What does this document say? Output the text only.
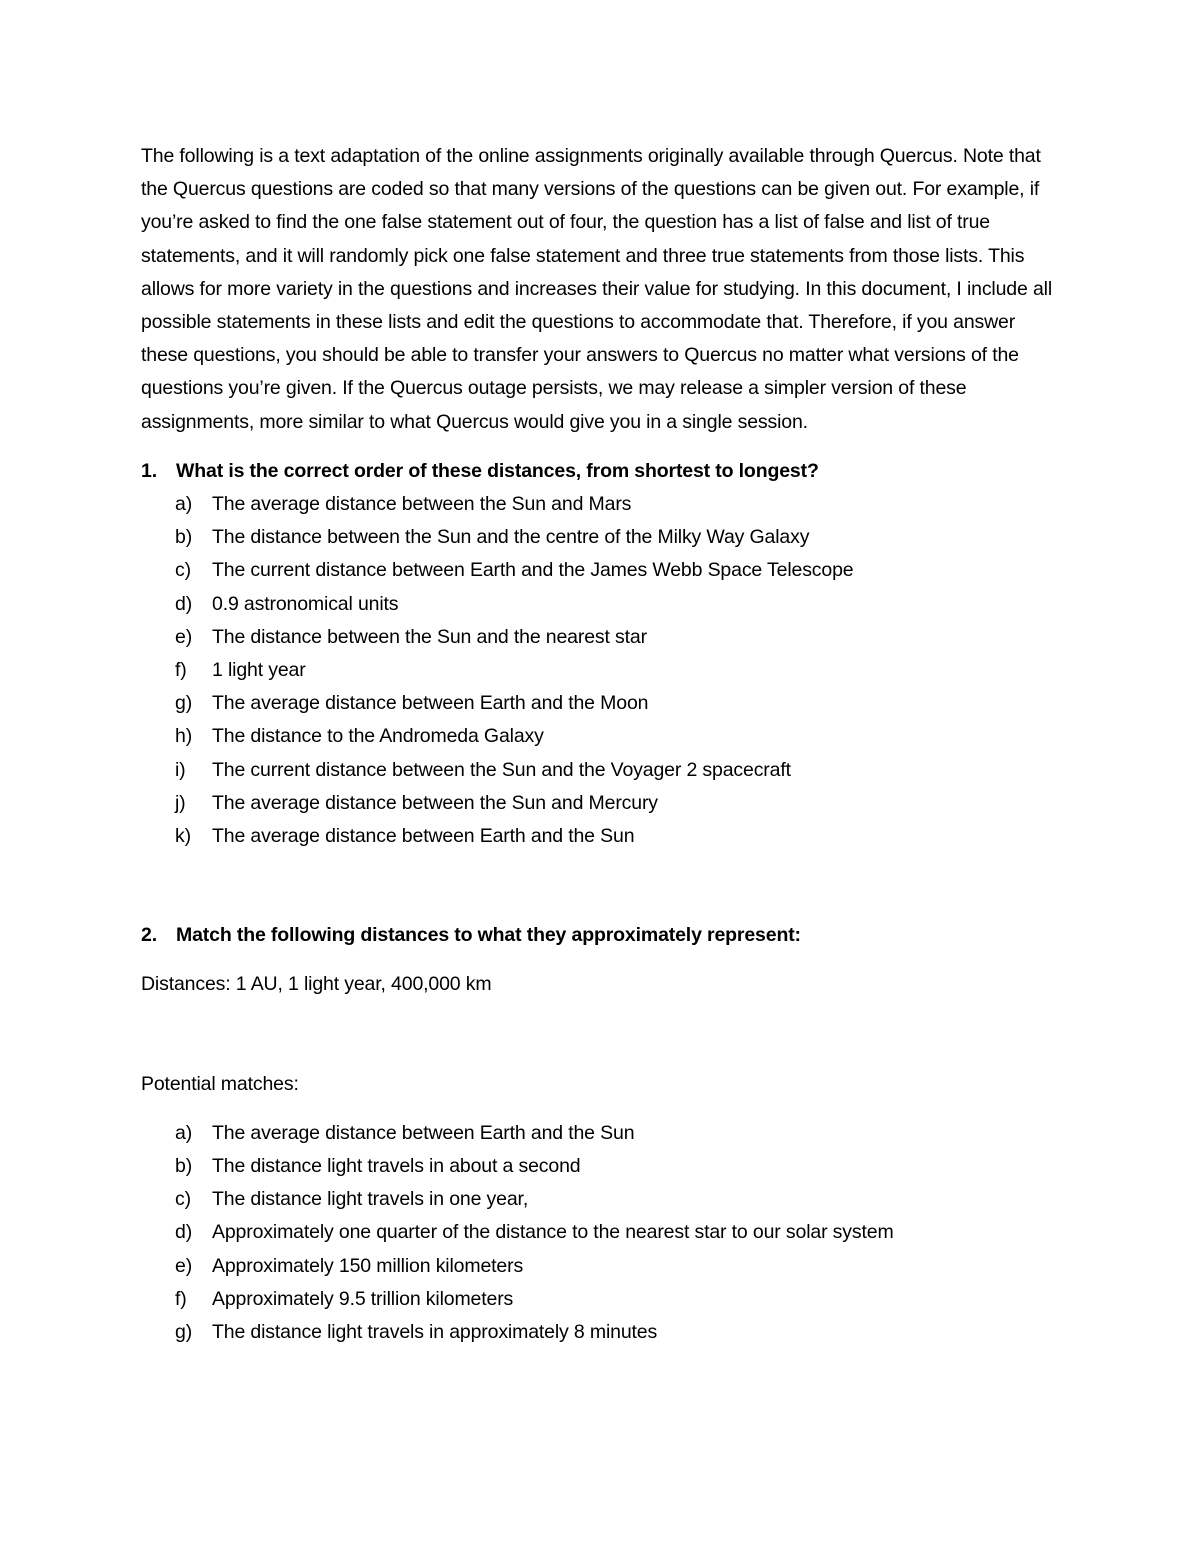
The following is a text adaptation of the online assignments originally available through Quercus. Note that the Quercus questions are coded so that many versions of the questions can be given out. For example, if you’re asked to find the one false statement out of four, the question has a list of false and list of true statements, and it will randomly pick one false statement and three true statements from those lists. This allows for more variety in the questions and increases their value for studying. In this document, I include all possible statements in these lists and edit the questions to accommodate that. Therefore, if you answer these questions, you should be able to transfer your answers to Quercus no matter what versions of the questions you’re given. If the Quercus outage persists, we may release a simpler version of these assignments, more similar to what Quercus would give you in a single session.

1. What is the correct order of these distances, from shortest to longest?

a) The average distance between the Sun and Mars
b) The distance between the Sun and the centre of the Milky Way Galaxy
c) The current distance between Earth and the James Webb Space Telescope
d) 0.9 astronomical units
e) The distance between the Sun and the nearest star
f) 1 light year
g) The average distance between Earth and the Moon
h) The distance to the Andromeda Galaxy
i) The current distance between the Sun and the Voyager 2 spacecraft
j) The average distance between the Sun and Mercury
k) The average distance between Earth and the Sun

2. Match the following distances to what they approximately represent:

Distances: 1 AU, 1 light year, 400,000 km

Potential matches:

a) The average distance between Earth and the Sun
b) The distance light travels in about a second
c) The distance light travels in one year,
d) Approximately one quarter of the distance to the nearest star to our solar system
e) Approximately 150 million kilometers
f) Approximately 9.5 trillion kilometers
g) The distance light travels in approximately 8 minutes
